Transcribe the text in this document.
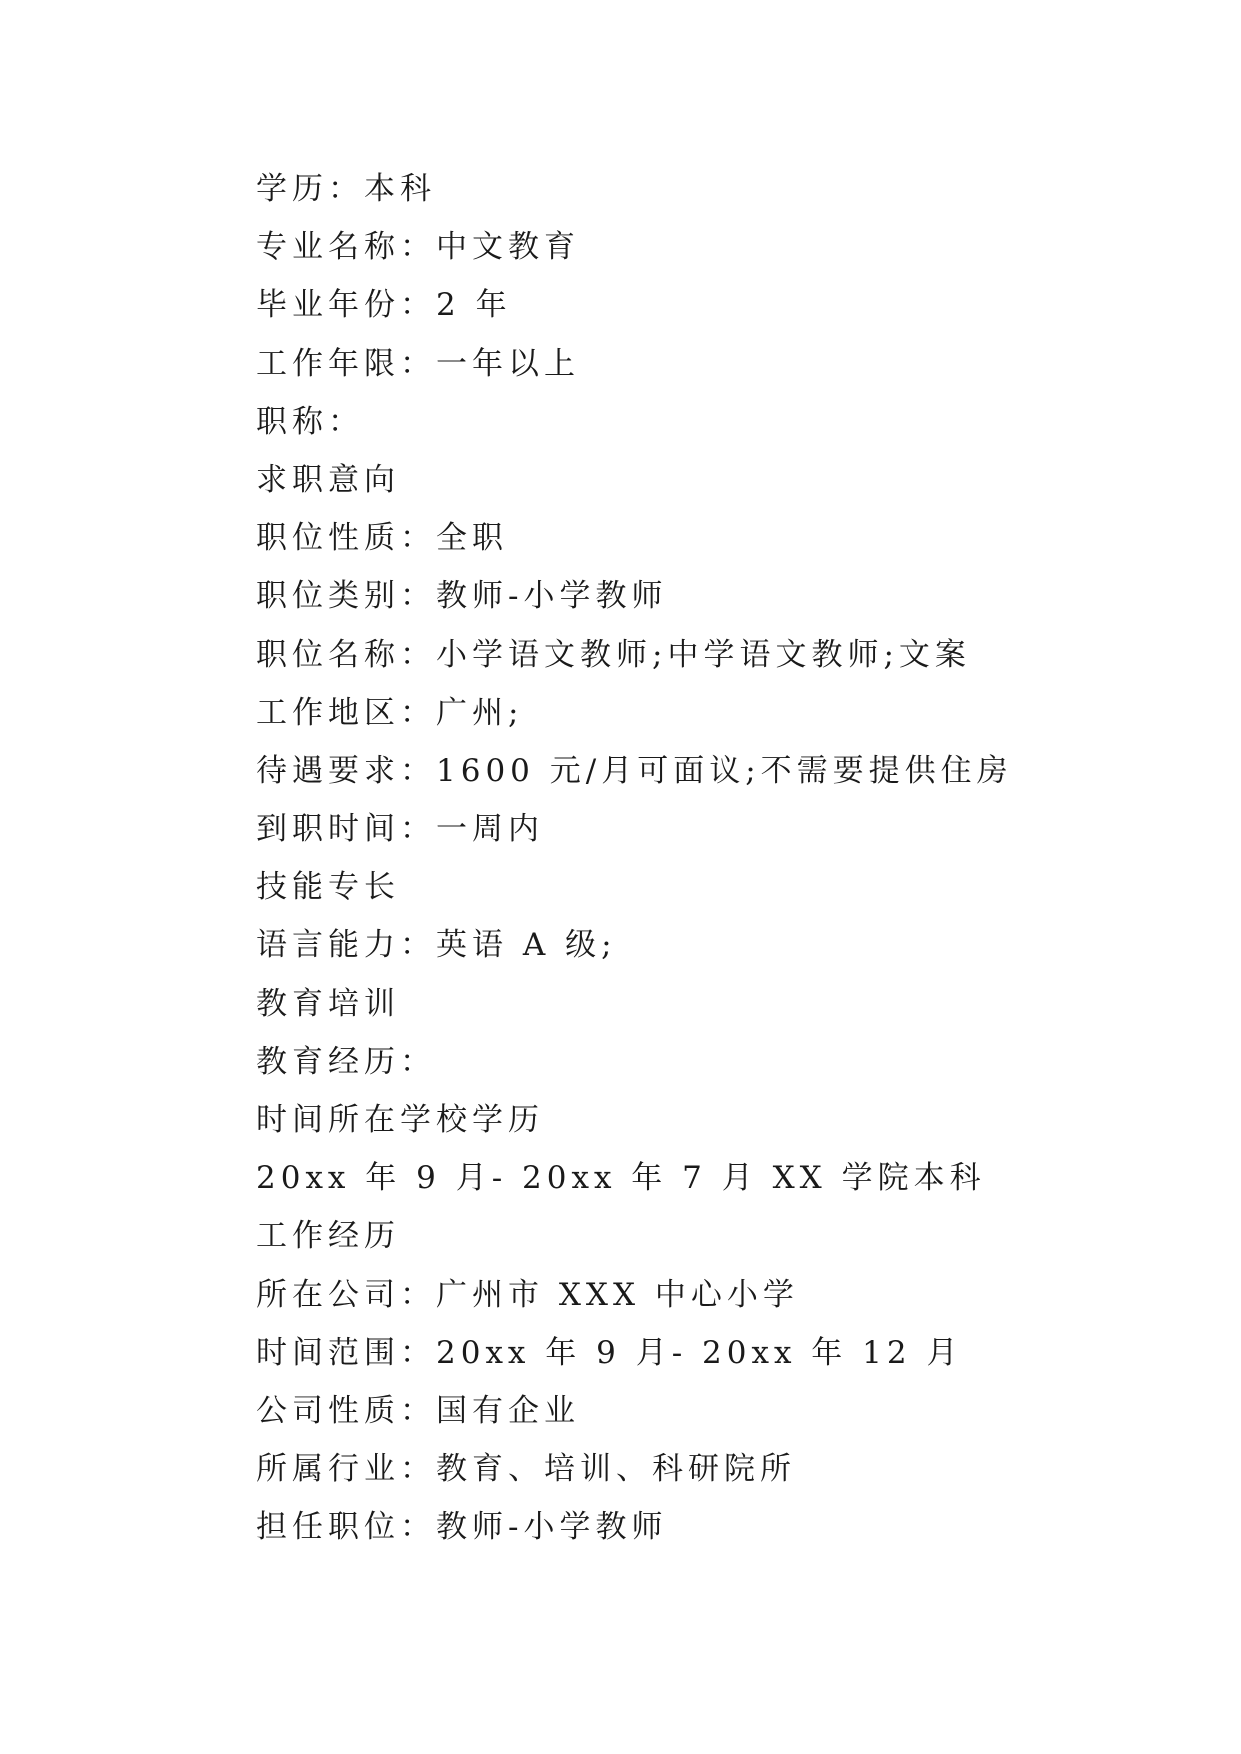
学历：本科
专业名称：中文教育
毕业年份：2 年
工作年限：一年以上
职称：
求职意向
职位性质：全职
职位类别：教师-小学教师
职位名称：小学语文教师;中学语文教师;文案
工作地区：广州;
待遇要求：1600 元/月可面议;不需要提供住房
到职时间：一周内
技能专长
语言能力：英语 A 级;
教育培训
教育经历：
时间所在学校学历
20xx 年 9 月- 20xx 年 7 月 XX 学院本科
工作经历
所在公司：广州市 XXX 中心小学
时间范围：20xx 年 9 月- 20xx 年 12 月
公司性质：国有企业
所属行业：教育、培训、科研院所
担任职位：教师-小学教师
